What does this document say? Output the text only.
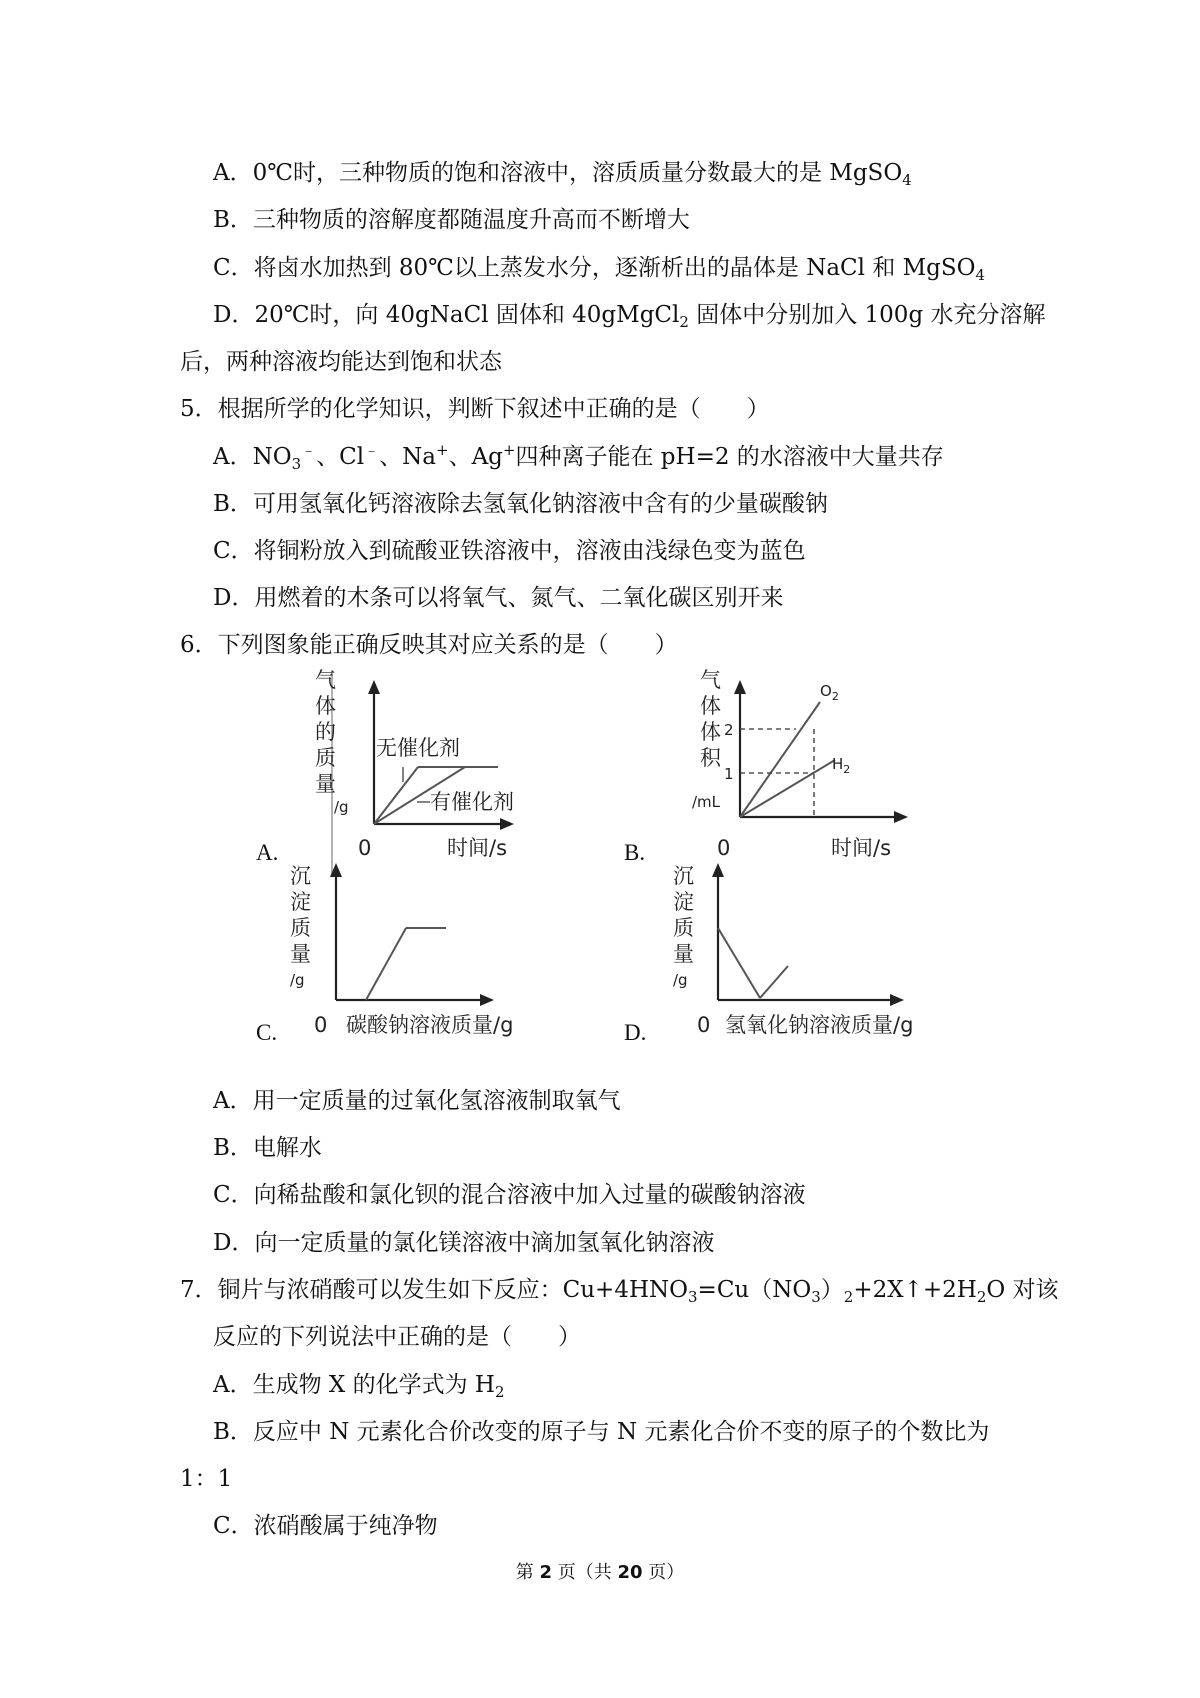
A．0℃时，三种物质的饱和溶液中，溶质质量分数最大的是 MgSO$_4$
B．三种物质的溶解度都随温度升高而不断增大
C．将卤水加热到 80℃以上蒸发水分，逐渐析出的晶体是 NaCl 和 MgSO$_4$
D．20℃时，向 40gNaCl 固体和 40gMgCl$_2$ 固体中分别加入 100g 水充分溶解
后，两种溶液均能达到饱和状态
5．根据所学的化学知识，判断下叙述中正确的是（　　）
A．$NO_3^﹣$、Cl﹣、Na+、Ag+四种离子能在 pH=2 的水溶液中大量共存
B．可用氢氧化钙溶液除去氢氧化钠溶液中含有的少量碳酸钠
C．将铜粉放入到硫酸亚铁溶液中，溶液由浅绿色变为蓝色
D．用燃着的木条可以将氧气、氮气、二氧化碳区别开来
6．下列图象能正确反映其对应关系的是（　　）
气
体
的
质
量
/g
无催化剂
有催化剂
0	时间/s
A.
气
体
体
积
/mL
2
1
$O_2$
$H_2$
0	时间/s
B.
沉
淀
质
量
/g
0 碳酸钠溶液质量/g
C.
沉
淀
质
量
/g
0 氢氧化钠溶液质量/g
D.
A．用一定质量的过氧化氢溶液制取氧气
B．电解水
C．向稀盐酸和氯化钡的混合溶液中加入过量的碳酸钠溶液
D．向一定质量的氯化镁溶液中滴加氢氧化钠溶液
7．铜片与浓硝酸可以发生如下反应：$Cu+4HNO_3=Cu(NO_3)_2+2X↑+2H_2O$ 对该
反应的下列说法中正确的是（　　）
A．生成物 X 的化学式为 $H_2$
B．反应中 N 元素化合价改变的原子与 N 元素化合价不变的原子的个数比为
1：1
C．浓硝酸属于纯净物
第 2 页（共 20 页）
